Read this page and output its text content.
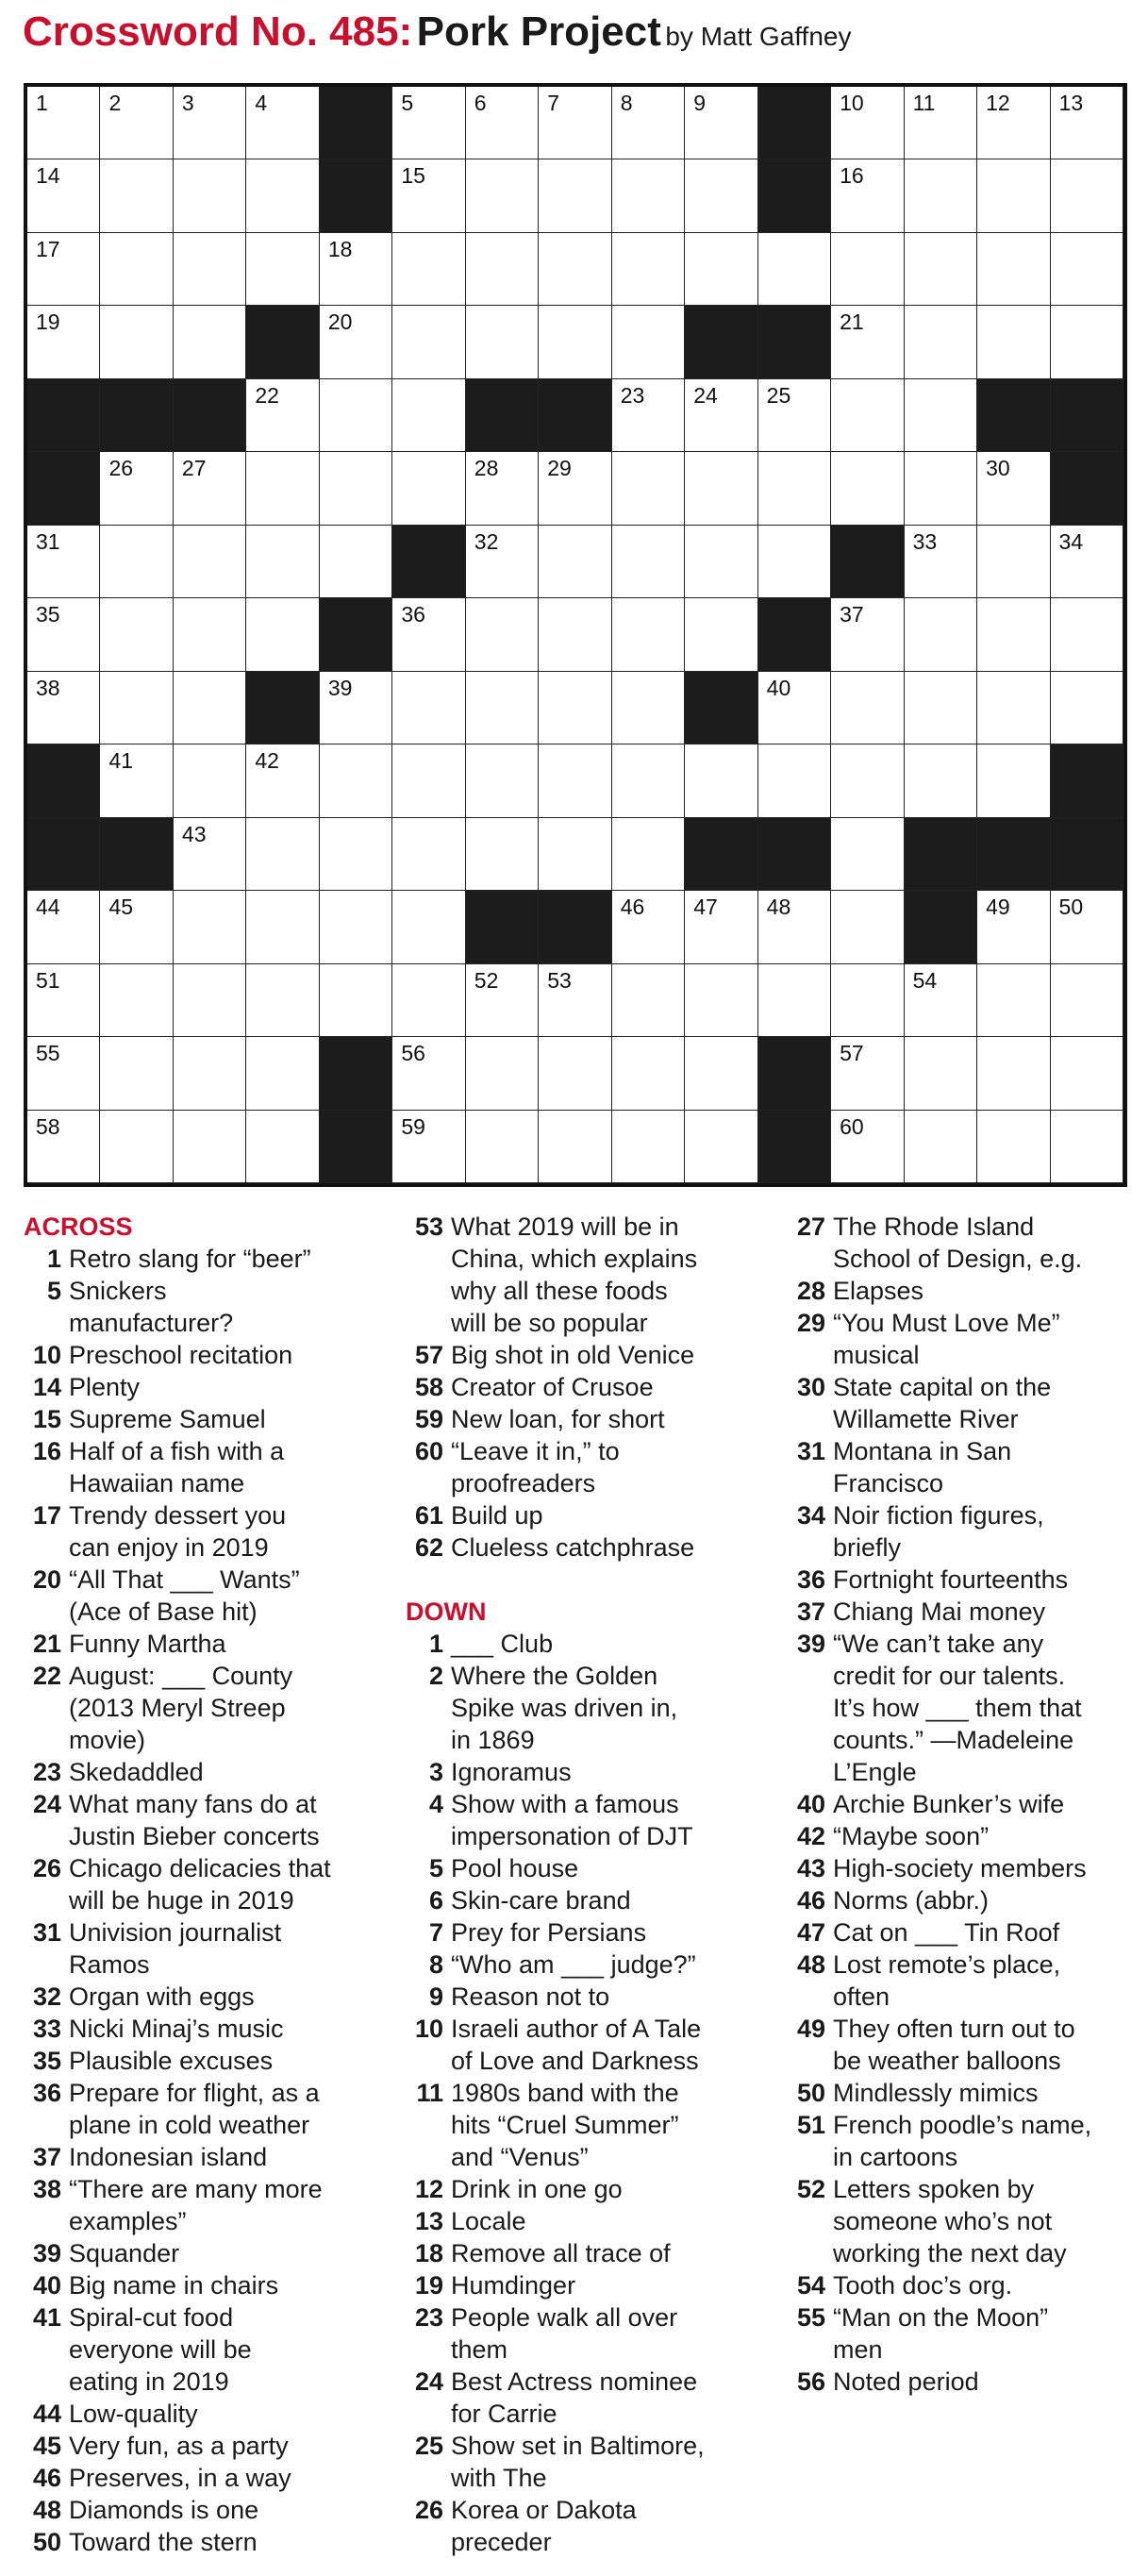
Crossword No. 485: Pork Project by Matt Gaffney
1	2	3	4	5	6	7	8	9	10 11 12 13
14	15	16
17	18
19	20	21
22	23 24 25
26 27	28 29	30
31	32	33	34
35	36	37
38	39	40
41	42
43
44 45	46 47 48	49 50
51	52 53	54
55	56	57
58	59	60
ACROSS
1 Retro slang for “beer”
5 Snickers
manufacturer?
10 Preschool recitation
14 Plenty
15 Supreme Samuel
16 Half of a fish with a
Hawaiian name
17 Trendy dessert you
can enjoy in 2019
20 “All That ___ Wants”
(Ace of Base hit)
21 Funny Martha
22 August: ___ County
(2013 Meryl Streep
movie)
23 Skedaddled
24 What many fans do at
Justin Bieber concerts
26 Chicago delicacies that
will be huge in 2019
31 Univision journalist
Ramos
32 Organ with eggs
33 Nicki Minaj’s music
35 Plausible excuses
36 Prepare for flight, as a
plane in cold weather
37 Indonesian island
38 “There are many more
examples”
39 Squander
40 Big name in chairs
41 Spiral-cut food
everyone will be
eating in 2019
44 Low-quality
45 Very fun, as a party
46 Preserves, in a way
48 Diamonds is one
50 Toward the stern
53 What 2019 will be in
China, which explains
why all these foods
will be so popular
57 Big shot in old Venice
58 Creator of Crusoe
59 New loan, for short
60 “Leave it in,” to
proofreaders
61 Build up
62 Clueless catchphrase
DOWN
1 ___ Club
2 Where the Golden
Spike was driven in,
in 1869
3 Ignoramus
4 Show with a famous
impersonation of DJT
5 Pool house
6 Skin-care brand
7 Prey for Persians
8 “Who am ___ judge?”
9 Reason not to
10 Israeli author of A Tale
of Love and Darkness
11 1980s band with the
hits “Cruel Summer”
and “Venus”
12 Drink in one go
13 Locale
18 Remove all trace of
19 Humdinger
23 People walk all over
them
24 Best Actress nominee
for Carrie
25 Show set in Baltimore,
with The
26 Korea or Dakota
preceder
27 The Rhode Island
School of Design, e.g.
28 Elapses
29 “You Must Love Me”
musical
30 State capital on the
Willamette River
31 Montana in San
Francisco
34 Noir fiction figures,
briefly
36 Fortnight fourteenths
37 Chiang Mai money
39 “We can’t take any
credit for our talents.
It’s how ___ them that
counts.” —Madeleine
L’Engle
40 Archie Bunker’s wife
42 “Maybe soon”
43 High-society members
46 Norms (abbr.)
47 Cat on ___ Tin Roof
48 Lost remote’s place,
often
49 They often turn out to
be weather balloons
50 Mindlessly mimics
51 French poodle’s name,
in cartoons
52 Letters spoken by
someone who’s not
working the next day
54 Tooth doc’s org.
55 “Man on the Moon”
men
56 Noted period
